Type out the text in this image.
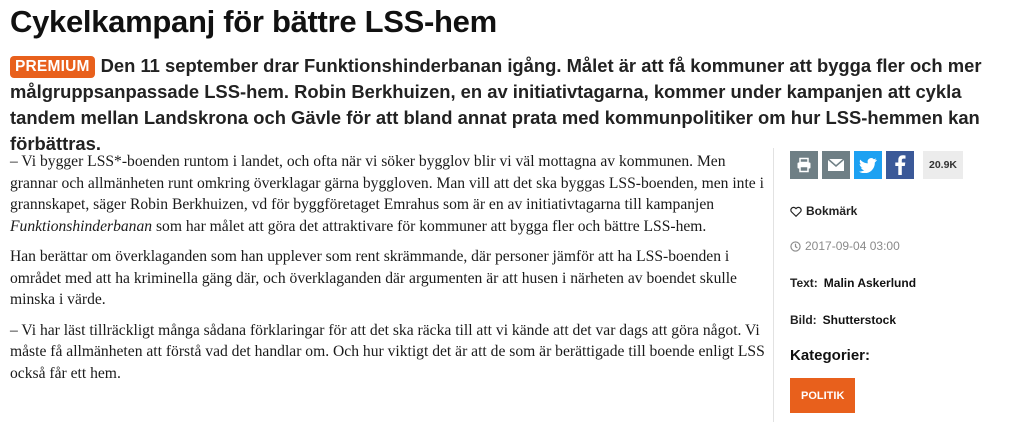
Cykelkampanj för bättre LSS-hem

PREMIUM Den 11 september drar Funktionshinderbanan igång. Målet är att få kommuner att bygga fler och mer målgruppsanpassade LSS-hem. Robin Berkhuizen, en av initiativtagarna, kommer under kampanjen att cykla tandem mellan Landskrona och Gävle för att bland annat prata med kommunpolitiker om hur LSS-hemmen kan förbättras.

– Vi bygger LSS*-boenden runtom i landet, och ofta när vi söker bygglov blir vi väl mottagna av kommunen. Men grannar och allmänheten runt omkring överklagar gärna byggloven. Man vill att det ska byggas LSS-boenden, men inte i grannskapet, säger Robin Berkhuizen, vd för byggföretaget Emrahus som är en av initiativtagarna till kampanjen Funktionshinderbanan som har målet att göra det attraktivare för kommuner att bygga fler och bättre LSS-hem.

Han berättar om överklaganden som han upplever som rent skrämmande, där personer jämför att ha LSS-boenden i området med att ha kriminella gäng där, och överklaganden där argumenten är att husen i närheten av boendet skulle minska i värde.

– Vi har läst tillräckligt många sådana förklaringar för att det ska räcka till att vi kände att det var dags att göra något. Vi måste få allmänheten att förstå vad det handlar om. Och hur viktigt det är att de som är berättigade till boende enligt LSS också får ett hem.

20.9K
Bokmärk
2017-09-04 03:00
Text: Malin Askerlund
Bild: Shutterstock
Kategorier:
POLITIK
